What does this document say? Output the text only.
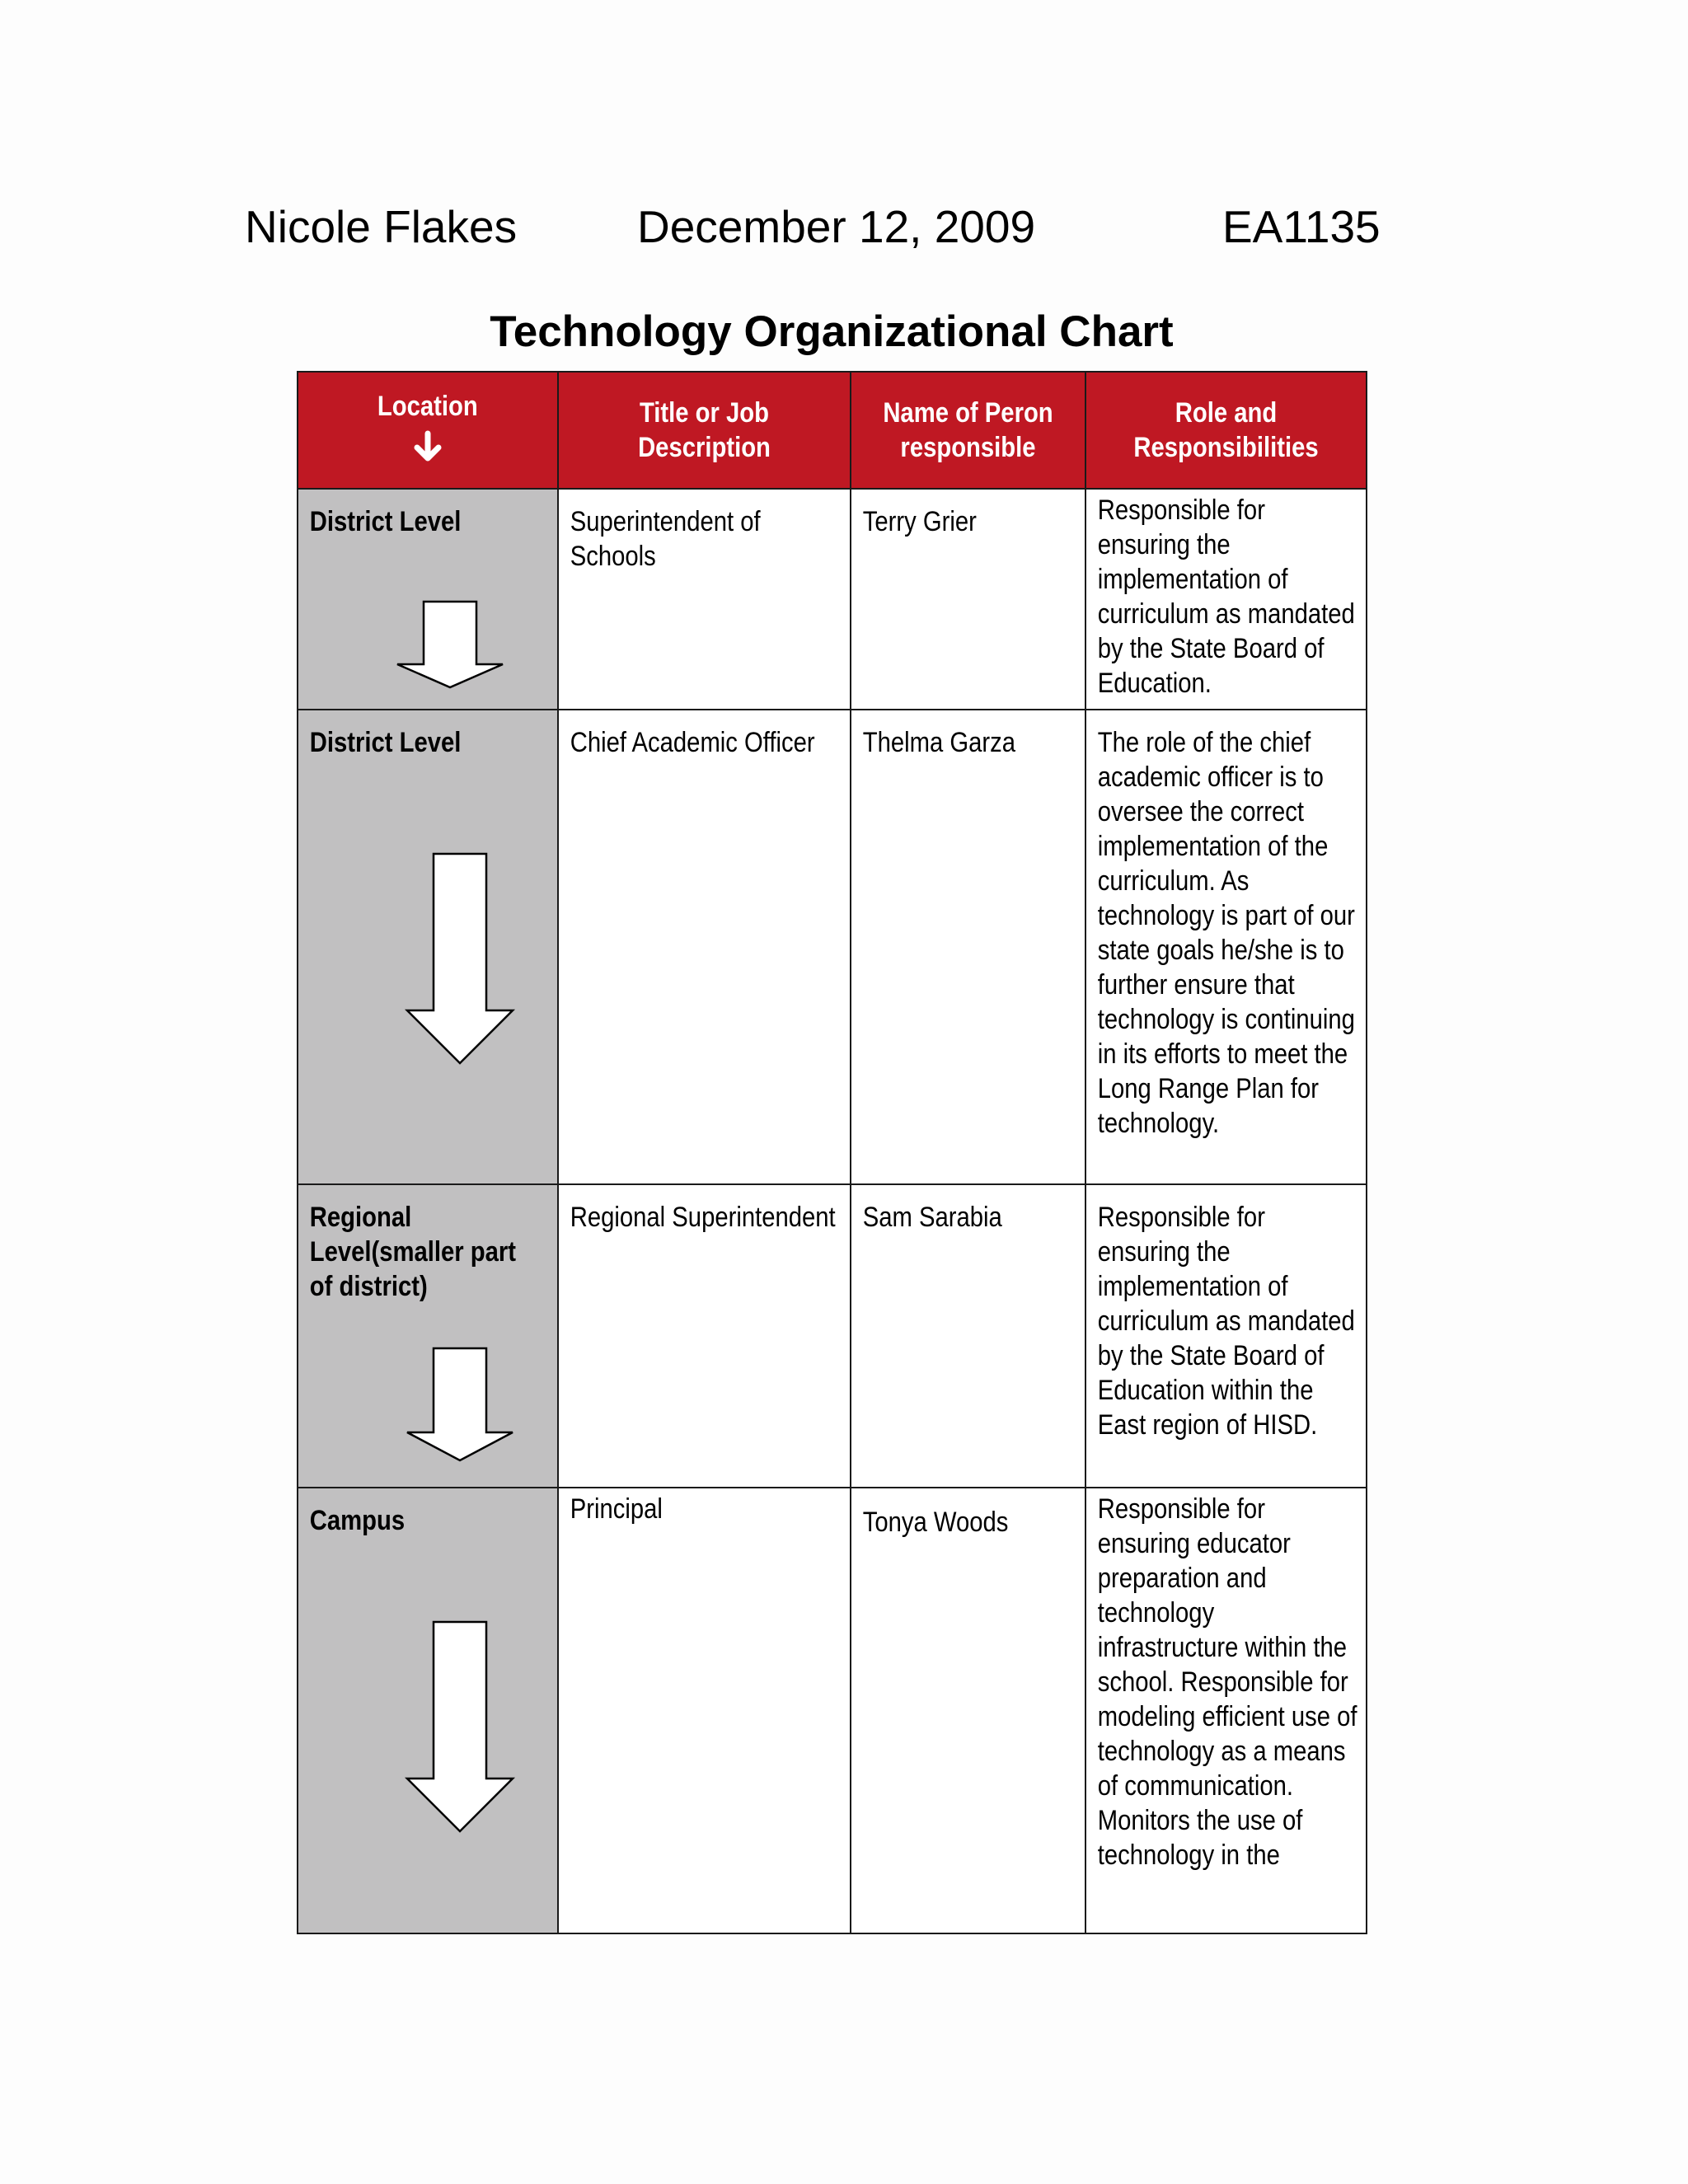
Nicole Flakes	December 12, 2009	EA1135
Technology Organizational Chart
Location	Title or Job Description	Name of Peron responsible	Role and Responsibilities

District Level	Superintendent of Schools	Terry Grier	Responsible for ensuring the implementation of curriculum as mandated by the State Board of Education.

District Level	Chief Academic Officer	Thelma Garza	The role of the chief academic officer is to oversee the correct implementation of the curriculum. As technology is part of our state goals he/she is to further ensure that technology is continuing in its efforts to meet the Long Range Plan for technology.

Regional Level(smaller part of district)	Regional Superintendent	Sam Sarabia	Responsible for ensuring the implementation of curriculum as mandated by the State Board of Education within the East region of HISD.

Campus	Principal	Tonya Woods	Responsible for ensuring educator preparation and technology infrastructure within the school. Responsible for modeling efficient use of technology as a means of communication. Monitors the use of technology in the
